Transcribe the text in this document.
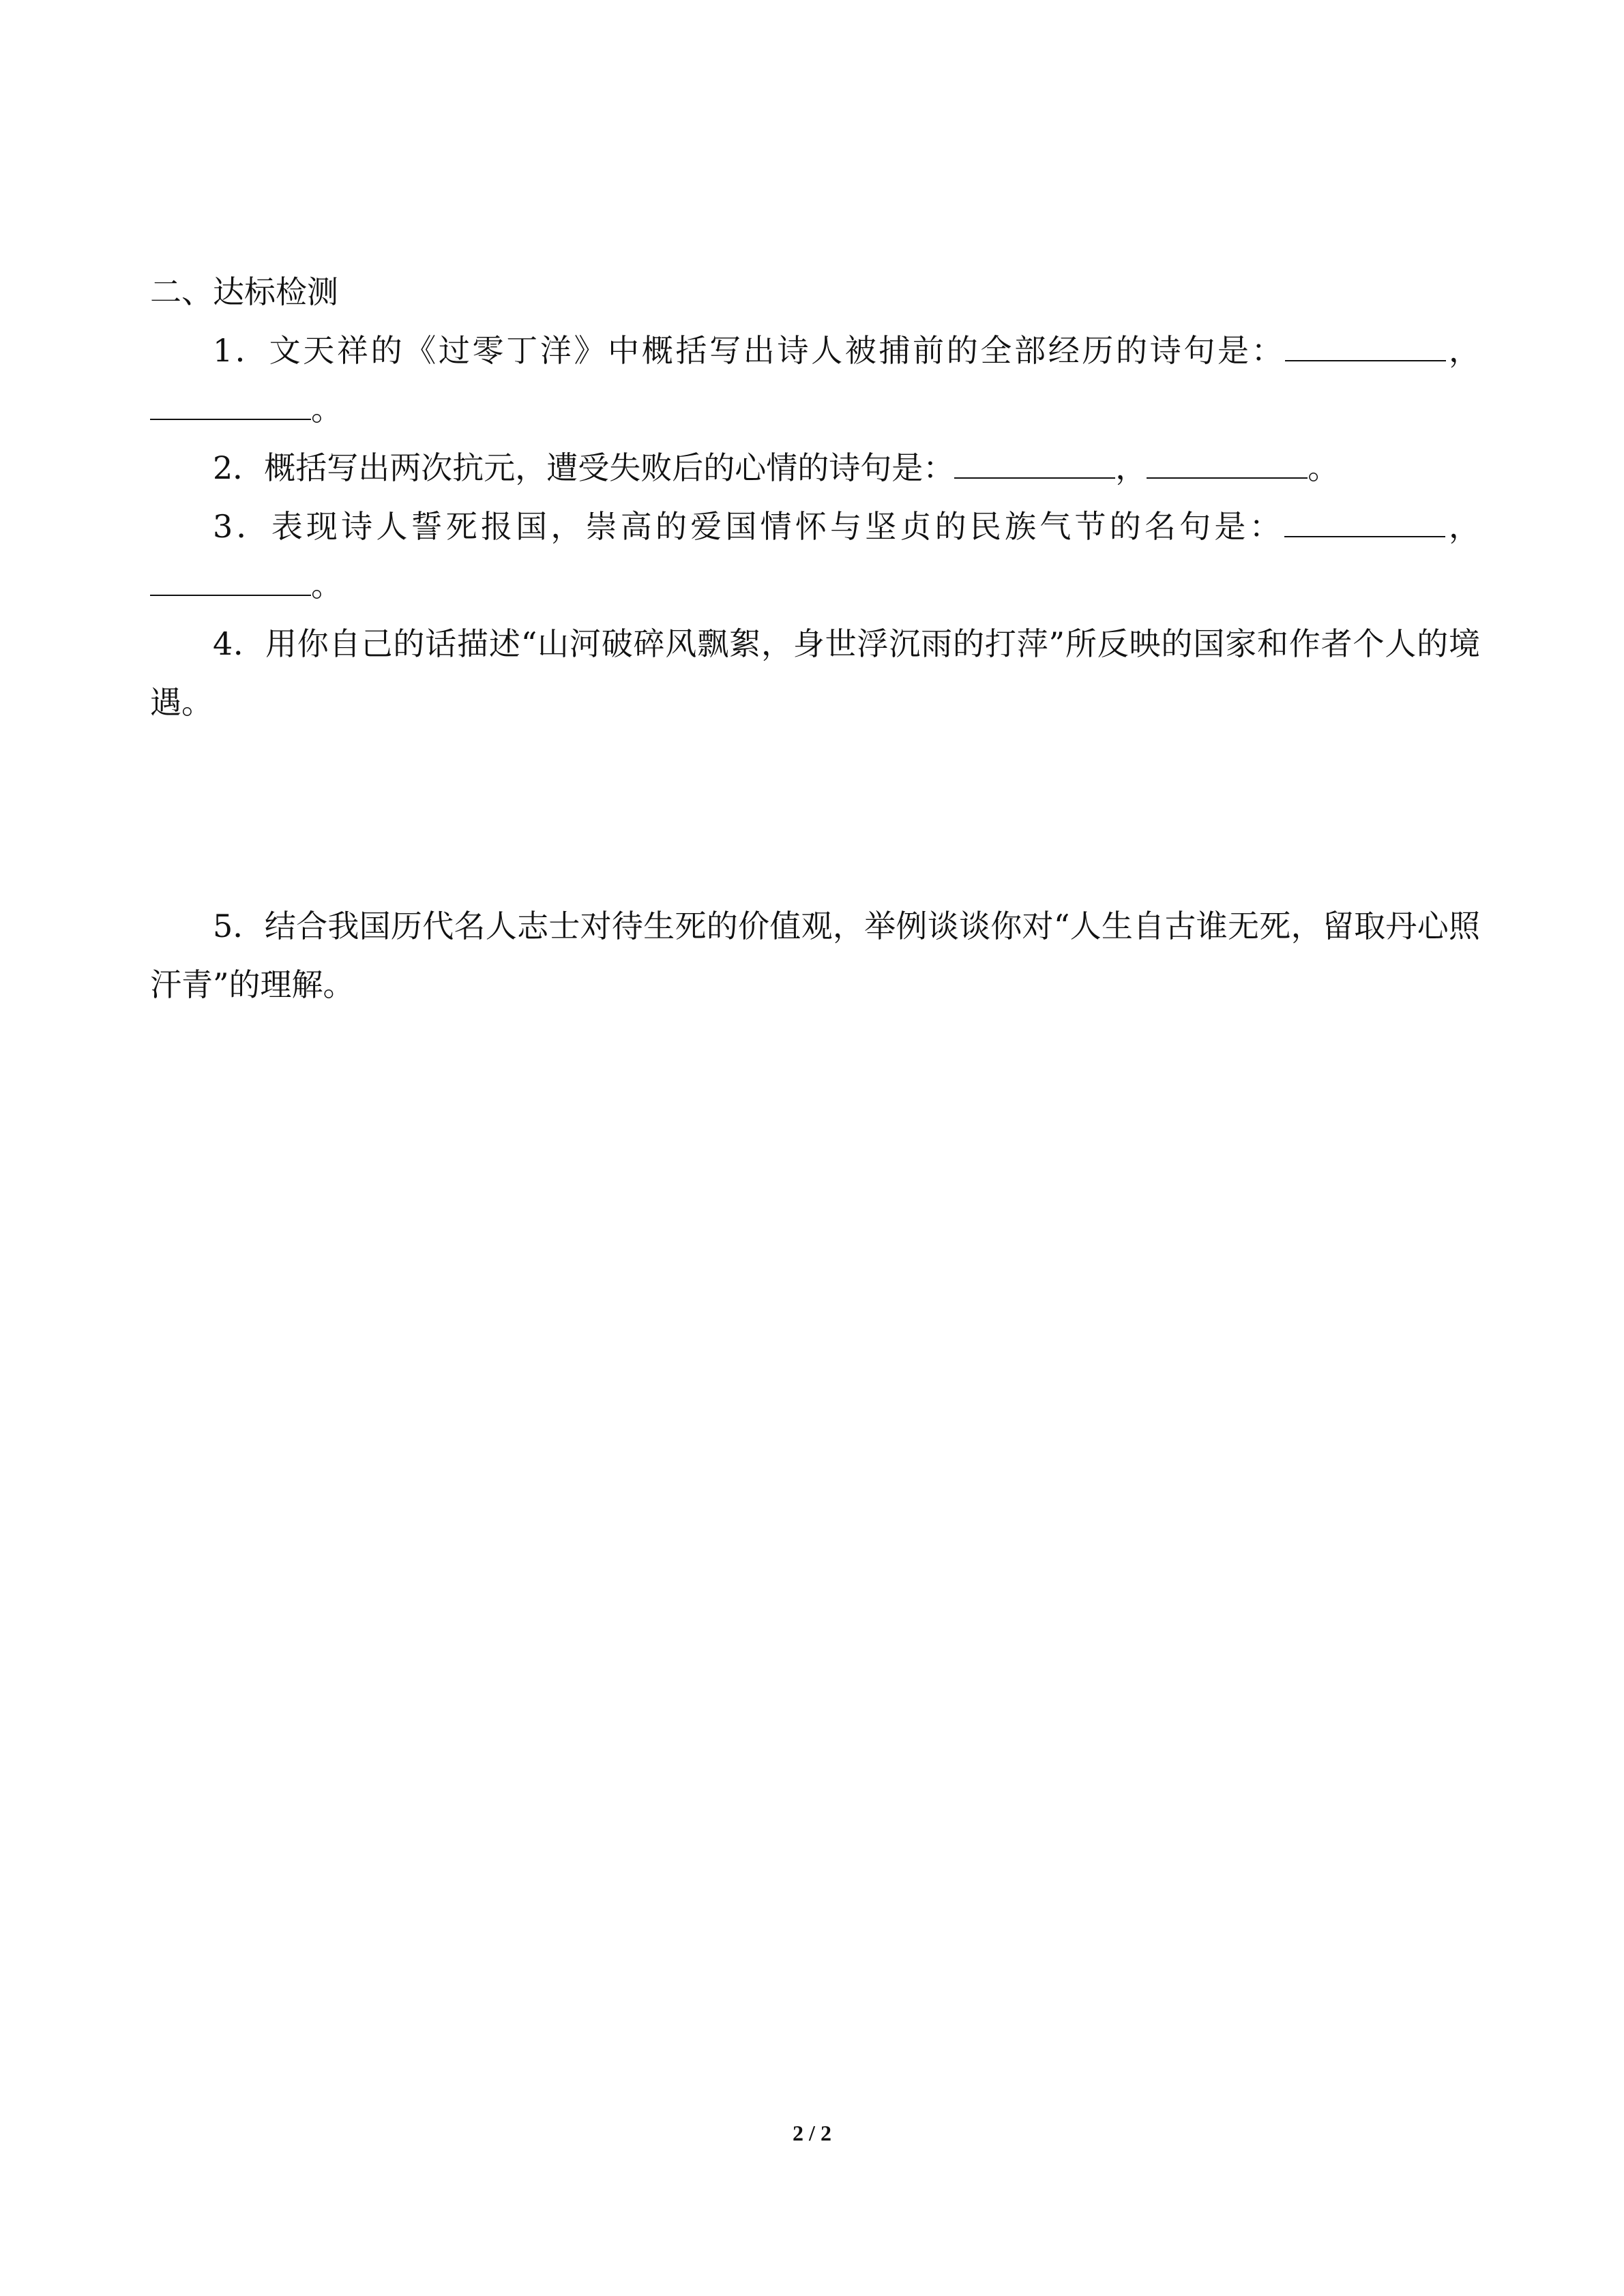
二、达标检测

1．文天祥的《过零丁洋》中概括写出诗人被捕前的全部经历的诗句是：	，。

2．概括写出两次抗元，遭受失败后的心情的诗句是：	，	。

3．表现诗人誓死报国，崇高的爱国情怀与坚贞的民族气节的名句是：	，。

4．用你自己的话描述“山河破碎风飘絮，身世浮沉雨的打萍”所反映的国家和作者个人的境遇。

5．结合我国历代名人志士对待生死的价值观，举例谈谈你对“人生自古谁无死，留取丹心照汗青”的理解。

2 / 2
